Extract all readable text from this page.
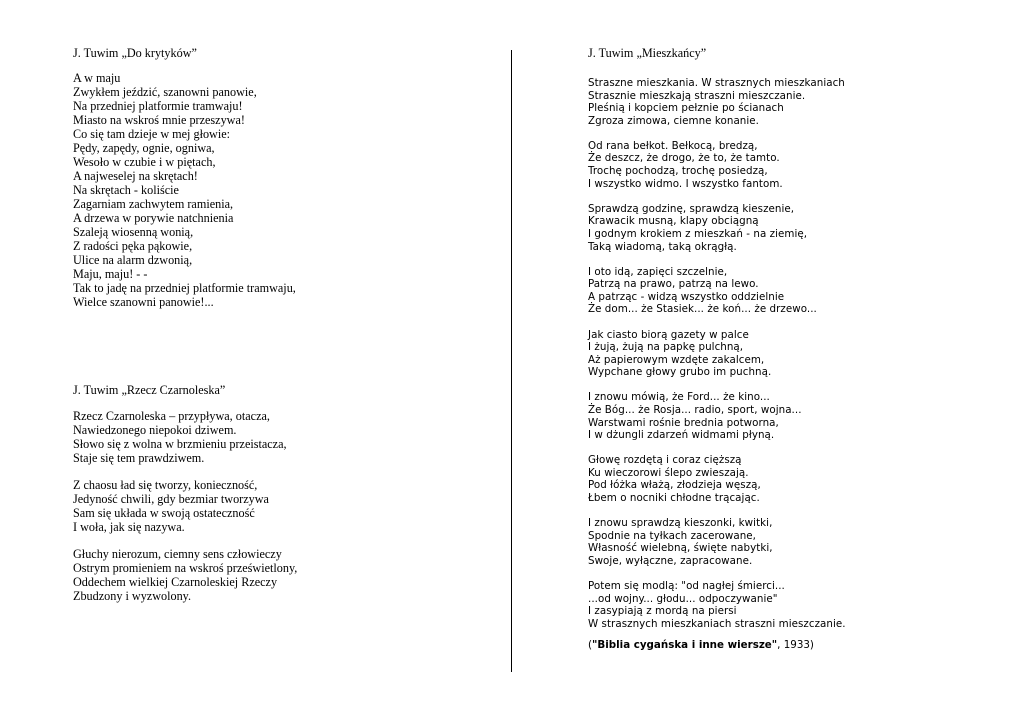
J. Tuwim „Do krytyków”
A w maju
Zwykłem jeździć, szanowni panowie,
Na przedniej platformie tramwaju!
Miasto na wskroś mnie przeszywa!
Co się tam dzieje w mej głowie:
Pędy, zapędy, ognie, ogniwa,
Wesoło w czubie i w piętach,
A najweselej na skrętach!
Na skrętach - koliście
Zagarniam zachwytem ramienia,
A drzewa w porywie natchnienia
Szaleją wiosenną wonią,
Z radości pęka pąkowie,
Ulice na alarm dzwonią,
Maju, maju! - -
Tak to jadę na przedniej platformie tramwaju,
Wielce szanowni panowie!...
J. Tuwim „Rzecz Czarnoleska”
Rzecz Czarnoleska – przypływa, otacza,
Nawiedzonego niepokoi dziwem.
Słowo się z wolna w brzmieniu przeistacza,
Staje się tem prawdziwem.
Z chaosu ład się tworzy, konieczność,
Jedyność chwili, gdy bezmiar tworzywa
Sam się układa w swoją ostateczność
I woła, jak się nazywa.
Głuchy nierozum, ciemny sens człowieczy
Ostrym promieniem na wskroś prześwietlony,
Oddechem wielkiej Czarnoleskiej Rzeczy
Zbudzony i wyzwolony.
J. Tuwim „Mieszkańcy”
Straszne mieszkania. W strasznych mieszkaniach
Strasznie mieszkają straszni mieszczanie.
Pleśnią i kopciem pełznie po ścianach
Zgroza zimowa, ciemne konanie.
Od rana bełkot. Bełkocą, bredzą,
Że deszcz, że drogo, że to, że tamto.
Trochę pochodzą, trochę posiedzą,
I wszystko widmo. I wszystko fantom.
Sprawdzą godzinę, sprawdzą kieszenie,
Krawacik musną, klapy obciągną
I godnym krokiem z mieszkań - na ziemię,
Taką wiadomą, taką okrągłą.
I oto idą, zapięci szczelnie,
Patrzą na prawo, patrzą na lewo.
A patrząc - widzą wszystko oddzielnie
Że dom... że Stasiek... że koń... że drzewo...
Jak ciasto biorą gazety w palce
I żują, żują na papkę pulchną,
Aż papierowym wzdęte zakalcem,
Wypchane głowy grubo im puchną.
I znowu mówią, że Ford... że kino...
Że Bóg... że Rosja... radio, sport, wojna...
Warstwami rośnie brednia potworna,
I w dżungli zdarzeń widmami płyną.
Głowę rozdętą i coraz cięższą
Ku wieczorowi ślepo zwieszają.
Pod łóżka włażą, złodzieja węszą,
Łbem o nocniki chłodne trącając.
I znowu sprawdzą kieszonki, kwitki,
Spodnie na tyłkach zacerowane,
Własność wielebną, święte nabytki,
Swoje, wyłączne, zapracowane.
Potem się modlą: "od nagłej śmierci...
...od wojny... głodu... odpoczywanie"
I zasypiają z mordą na piersi
W strasznych mieszkaniach straszni mieszczanie.
("Biblia cygańska i inne wiersze", 1933)
